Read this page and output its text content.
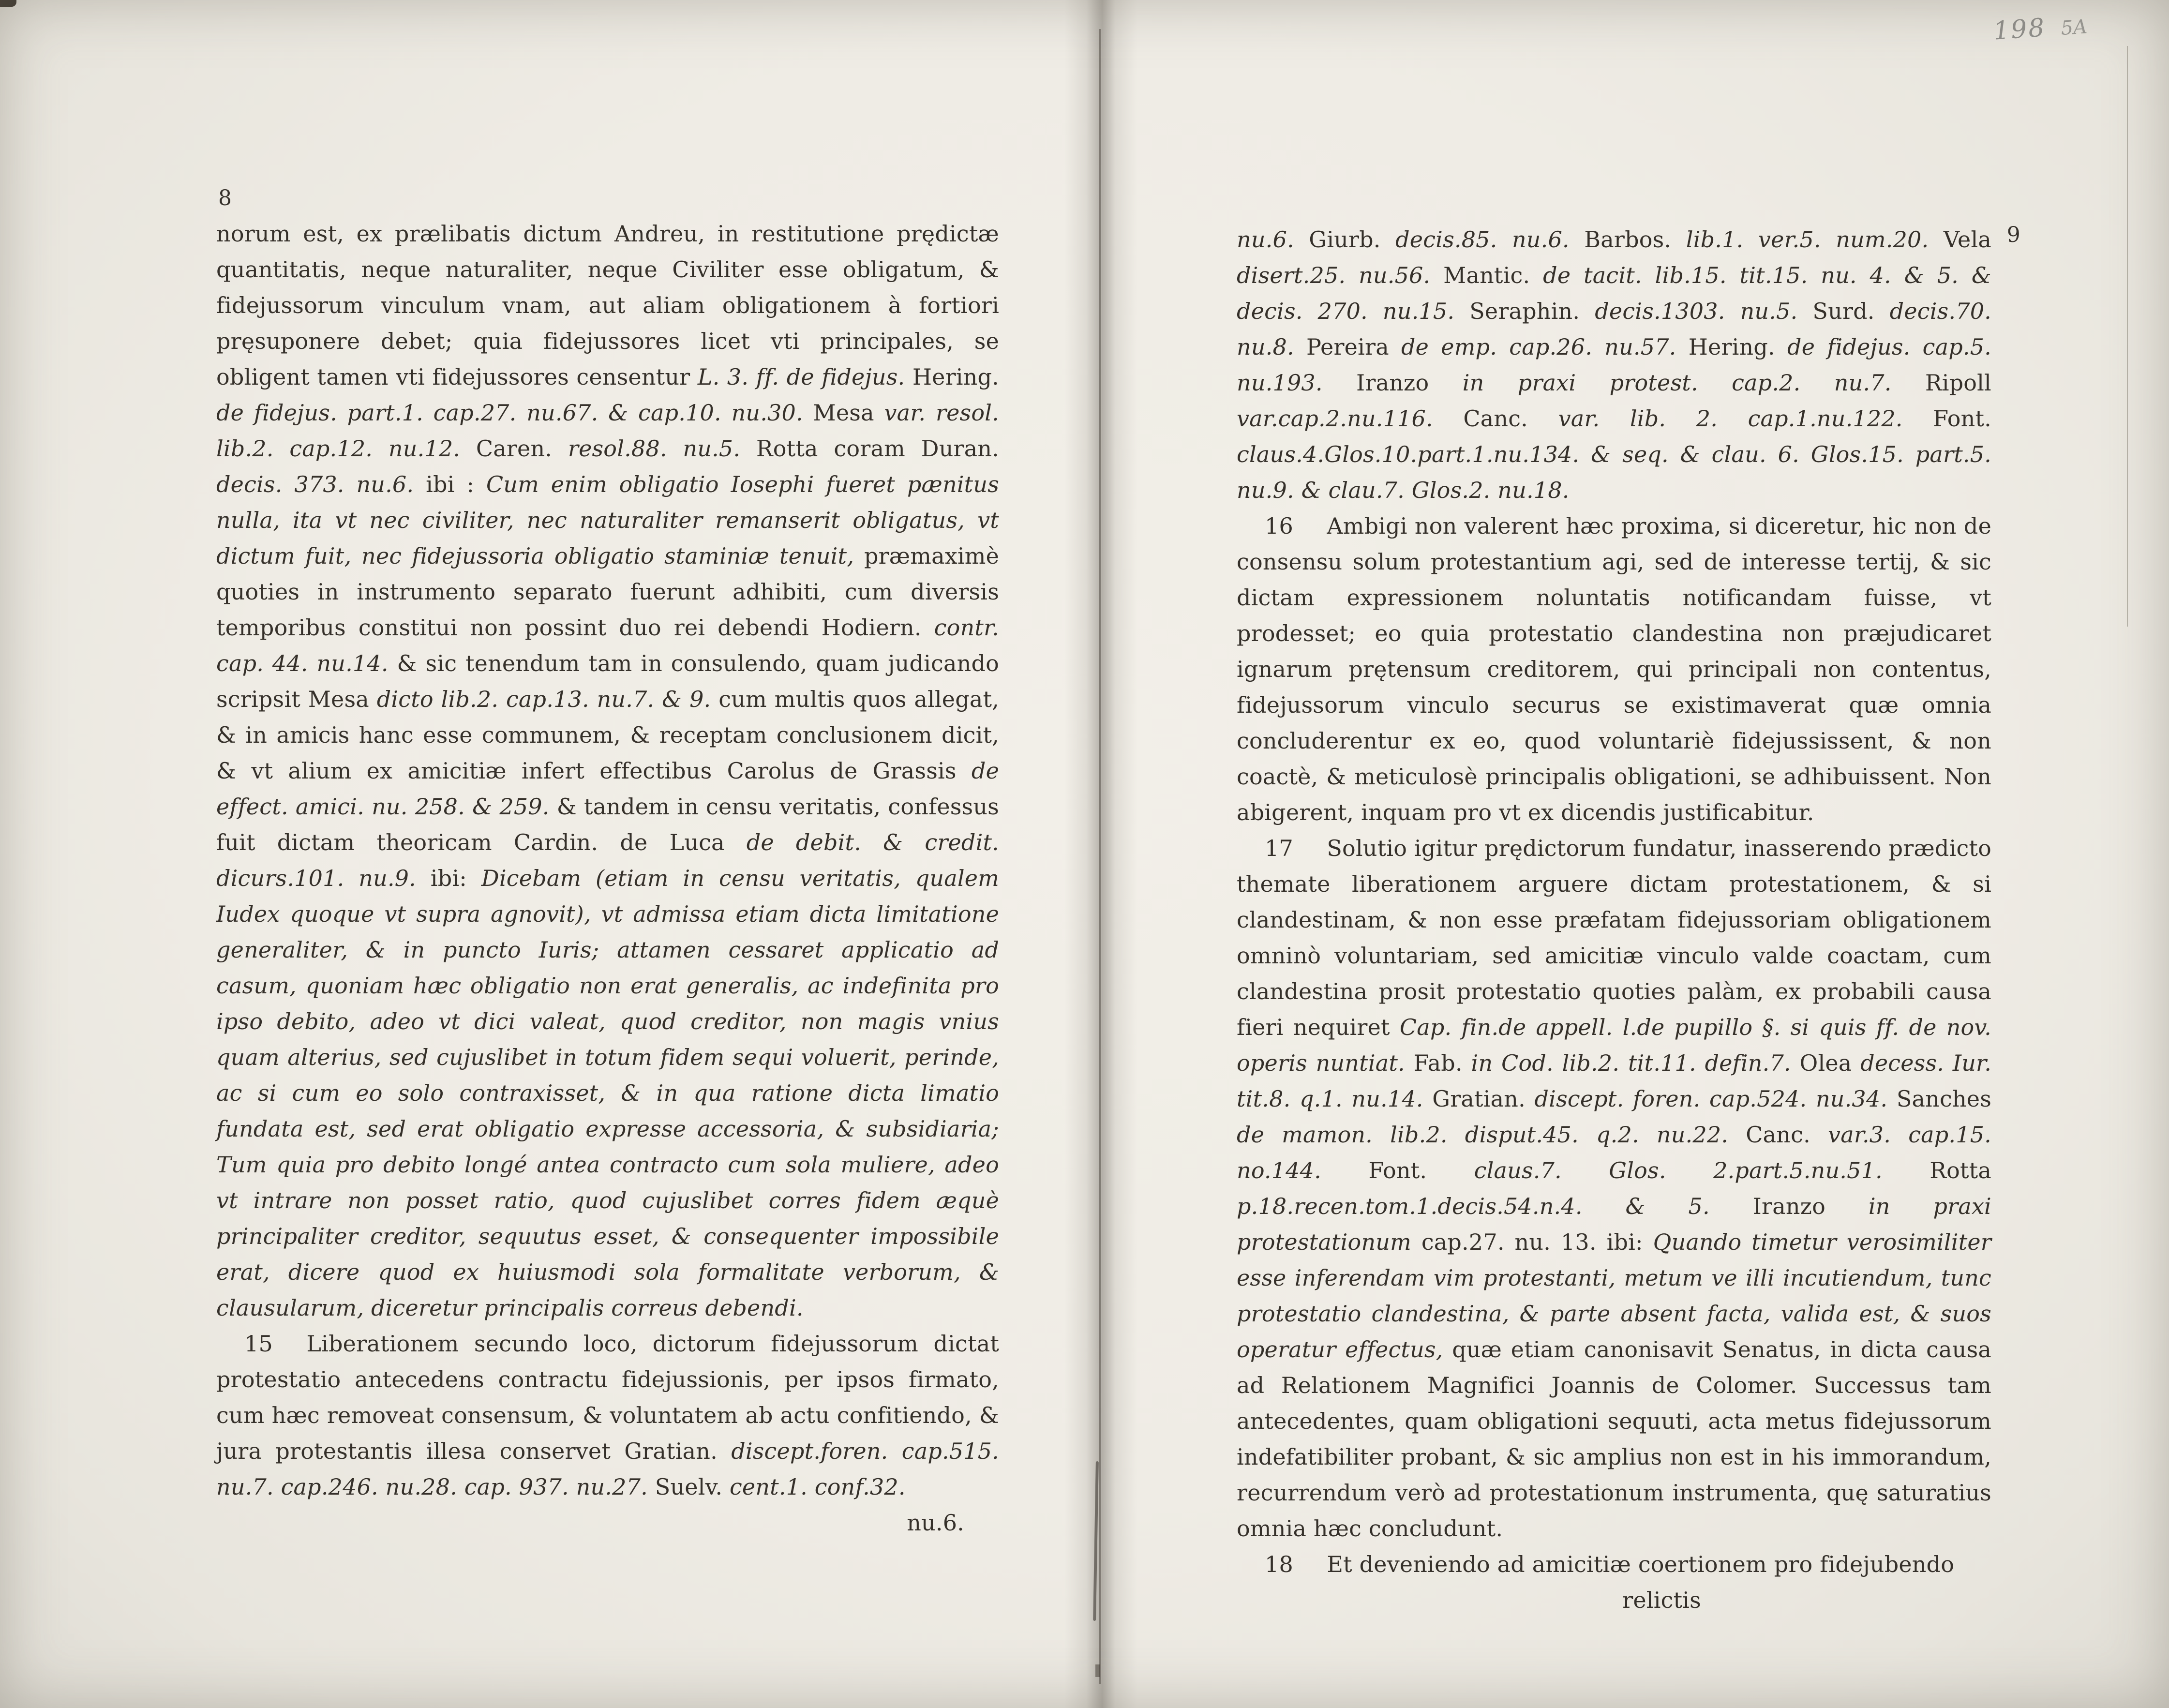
198 5A
8

norum est, ex prælibatis dictum Andreu, in restitutione prędictæ quantitatis, neque naturaliter, neque Civiliter esse obligatum, & fidejussorum vinculum vnam, aut aliam obligationem à fortiori pręsuponere debet; quia fidejussores licet vti principales, se obligent tamen vti fidejussores censentur L. 3. ff. de fidejus. Hering. de fidejus. part.1. cap.27. nu.67. & cap.10. nu.30. Mesa var. resol. lib.2. cap.12. nu.12. Caren. resol.88. nu.5. Rotta coram Duran. decis. 373. nu.6. ibi : Cum enim obligatio Iosephi fueret pænitus nulla, ita vt nec civiliter, nec naturaliter remanserit obligatus, vt dictum fuit, nec fidejussoria obligatio staminiæ tenuit, præmaximè quoties in instrumento separato fuerunt adhibiti, cum diversis temporibus constitui non possint duo rei debendi Hodiern. contr. cap. 44. nu.14. & sic tenendum tam in consulendo, quam judicando scripsit Mesa dicto lib.2. cap.13. nu.7. & 9. cum multis quos allegat, & in amicis hanc esse communem, & receptam conclusionem dicit, & vt alium ex amicitiæ infert effectibus Carolus de Grassis de effect. amici. nu. 258. & 259. & tandem in censu veritatis, confessus fuit dictam theoricam Cardin. de Luca de debit. & credit. dicurs.101. nu.9. ibi: Dicebam (etiam in censu veritatis, qualem Iudex quoque vt supra agnovit), vt admissa etiam dicta limitatione generaliter, & in puncto Iuris; attamen cessaret applicatio ad casum, quoniam hæc obligatio non erat generalis, ac indefinita pro ipso debito, adeo vt dici valeat, quod creditor, non magis vnius quam alterius, sed cujuslibet in totum fidem sequi voluerit, perinde, ac si cum eo solo contraxisset, & in qua ratione dicta limatio fundata est, sed erat obligatio expresse accessoria, & subsidiaria; Tum quia pro debito longé antea contracto cum sola muliere, adeo vt intrare non posset ratio, quod cujuslibet corres fidem æquè principaliter creditor, sequutus esset, & consequenter impossibile erat, dicere quod ex huiusmodi sola formalitate verborum, & clausularum, diceretur principalis correus debendi.

15  Liberationem secundo loco, dictorum fidejussorum dictat protestatio antecedens contractu fidejussionis, per ipsos firmato, cum hæc removeat consensum, & voluntatem ab actu confitiendo, & jura protestantis illesa conservet Gratian. discept.foren. cap.515. nu.7. cap.246. nu.28. cap. 937. nu.27. Suelv. cent.1. conf.32.

nu.6.

9

nu.6. Giurb. decis.85. nu.6. Barbos. lib.1. ver.5. num.20. Vela disert.25. nu.56. Mantic. de tacit. lib.15. tit.15. nu. 4. & 5. & decis. 270. nu.15. Seraphin. decis.1303. nu.5. Surd. decis.70. nu.8. Pereira de emp. cap.26. nu.57. Hering. de fidejus. cap.5. nu.193. Iranzo in praxi protest. cap.2. nu.7. Ripoll var.cap.2.nu.116. Canc. var. lib. 2. cap.1.nu.122. Font. claus.4.Glos.10.part.1.nu.134. & seq. & clau. 6. Glos.15. part.5. nu.9. & clau.7. Glos.2. nu.18.

16  Ambigi non valerent hæc proxima, si diceretur, hic non de consensu solum protestantium agi, sed de interesse tertij, & sic dictam expressionem noluntatis notificandam fuisse, vt prodesset; eo quia protestatio clandestina non præjudicaret ignarum prętensum creditorem, qui principali non contentus, fidejussorum vinculo securus se existimaverat quæ omnia concluderentur ex eo, quod voluntariè fidejussissent, & non coactè, & meticulosè principalis obligationi, se adhibuissent. Non abigerent, inquam pro vt ex dicendis justificabitur.

17  Solutio igitur prędictorum fundatur, inasserendo prædicto themate liberationem arguere dictam protestationem, & si clandestinam, & non esse præfatam fidejussoriam obligationem omninò voluntariam, sed amicitiæ vinculo valde coactam, cum clandestina prosit protestatio quoties palàm, ex probabili causa fieri nequiret Cap. fin.de appell. l.de pupillo §. si quis ff. de nov. operis nuntiat. Fab. in Cod. lib.2. tit.11. defin.7. Olea decess. Iur. tit.8. q.1. nu.14. Gratian. discept. foren. cap.524. nu.34. Sanches de mamon. lib.2. disput.45. q.2. nu.22. Canc. var.3. cap.15. no.144. Font. claus.7. Glos. 2.part.5.nu.51. Rotta p.18.recen.tom.1.decis.54.n.4. & 5. Iranzo in praxi protestationum cap.27. nu. 13. ibi: Quando timetur verosimiliter esse inferendam vim protestanti, metum ve illi incutiendum, tunc protestatio clandestina, & parte absent facta, valida est, & suos operatur effectus, quæ etiam canonisavit Senatus, in dicta causa ad Relationem Magnifici Joannis de Colomer. Successus tam antecedentes, quam obligationi sequuti, acta metus fidejussorum indefatibiliter probant, & sic amplius non est in his immorandum, recurrendum verò ad protestationum instrumenta, quę saturatius omnia hæc concludunt.

18  Et deveniendo ad amicitiæ coertionem pro fidejubendo

relictis
